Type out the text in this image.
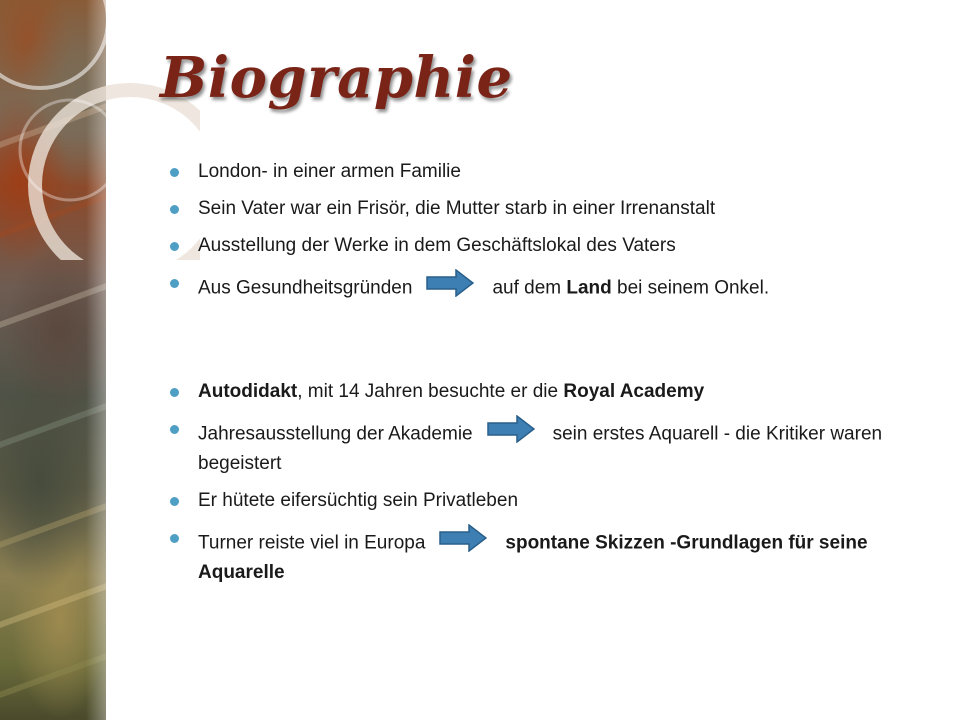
Biographie
London- in einer armen Familie
Sein Vater war ein Frisör, die Mutter starb in einer Irrenanstalt
Ausstellung der Werke in dem Geschäftslokal des Vaters
Aus Gesundheitsgründen	auf dem Land bei seinem Onkel.
Autodidakt, mit 14 Jahren besuchte er die Royal Academy
Jahresausstellung der Akademie	sein erstes Aquarell - die Kritiker waren begeistert
Er hütete eifersüchtig sein Privatleben
Turner reiste viel in Europa	spontane Skizzen -Grundlagen für seine Aquarelle
